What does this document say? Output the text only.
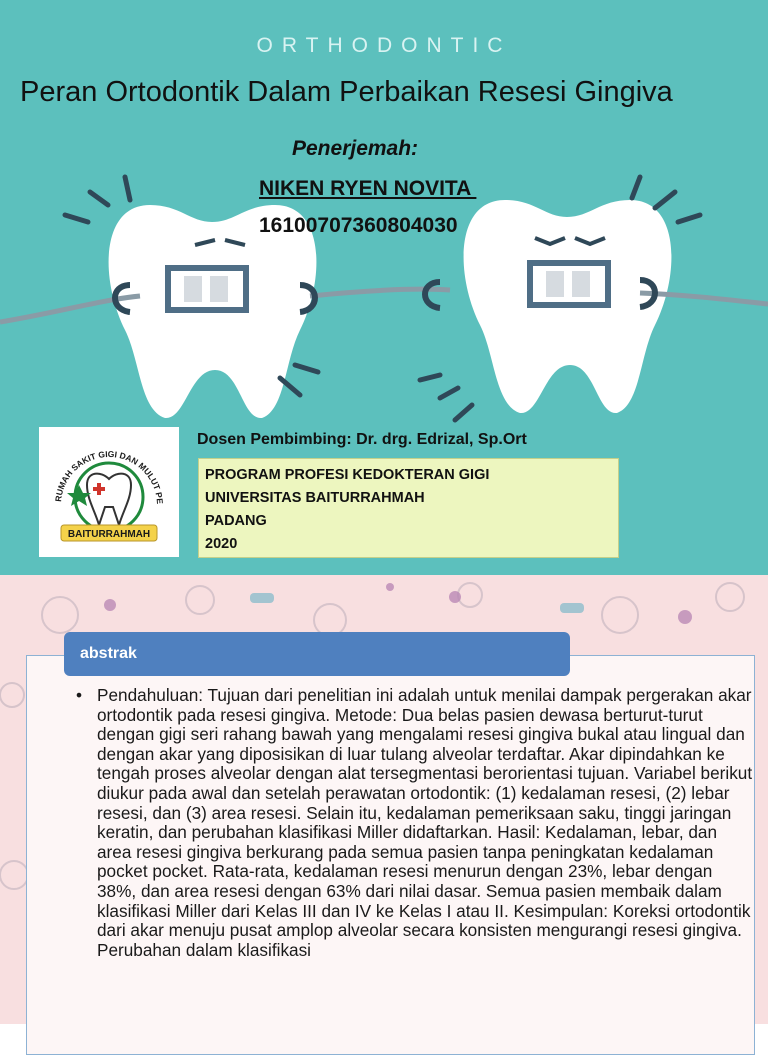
ORTHODONTIC
Peran Ortodontik Dalam Perbaikan Resesi Gingiva
Penerjemah:
NIKEN RYEN NOVITA
16100707360804030
RUMAH SAKIT GIGI DAN MULUT PE
BAITURRAHMAH
Dosen Pembimbing: Dr. drg. Edrizal, Sp.Ort
PROGRAM PROFESI KEDOKTERAN GIGI
UNIVERSITAS BAITURRAHMAH
PADANG
2020
abstrak
• Pendahuluan: Tujuan dari penelitian ini adalah untuk menilai dampak pergerakan akar ortodontik pada resesi gingiva. Metode: Dua belas pasien dewasa berturut-turut dengan gigi seri rahang bawah yang mengalami resesi gingiva bukal atau lingual dan dengan akar yang diposisikan di luar tulang alveolar terdaftar. Akar dipindahkan ke tengah proses alveolar dengan alat tersegmentasi berorientasi tujuan. Variabel berikut diukur pada awal dan setelah perawatan ortodontik: (1) kedalaman resesi, (2) lebar resesi, dan (3) area resesi. Selain itu, kedalaman pemeriksaan saku, tinggi jaringan keratin, dan perubahan klasifikasi Miller didaftarkan. Hasil: Kedalaman, lebar, dan area resesi gingiva berkurang pada semua pasien tanpa peningkatan kedalaman pocket pocket. Rata-rata, kedalaman resesi menurun dengan 23%, lebar dengan 38%, dan area resesi dengan 63% dari nilai dasar. Semua pasien membaik dalam klasifikasi Miller dari Kelas III dan IV ke Kelas I atau II. Kesimpulan: Koreksi ortodontik dari akar menuju pusat amplop alveolar secara konsisten mengurangi resesi gingiva. Perubahan dalam klasifikasi
